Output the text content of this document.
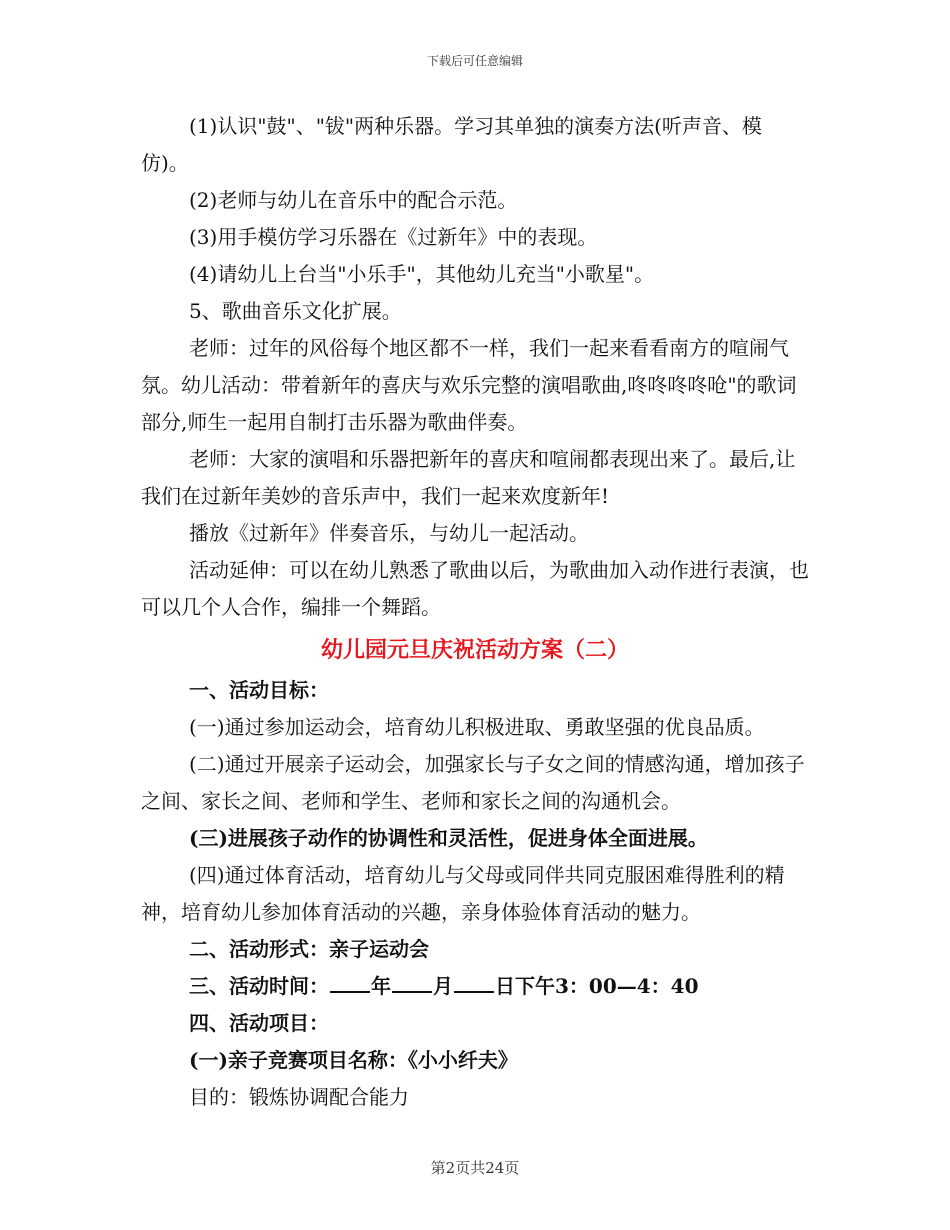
下载后可任意编辑

(1)认识"鼓"、"钹"两种乐器。学习其单独的演奏方法(听声音、模仿)。

(2)老师与幼儿在音乐中的配合示范。

(3)用手模仿学习乐器在《过新年》中的表现。

(4)请幼儿上台当"小乐手"，其他幼儿充当"小歌星"。

5、歌曲音乐文化扩展。

老师：过年的风俗每个地区都不一样，我们一起来看看南方的喧闹气氛。幼儿活动：带着新年的喜庆与欢乐完整的演唱歌曲,咚咚咚咚呛"的歌词部分,师生一起用自制打击乐器为歌曲伴奏。

老师：大家的演唱和乐器把新年的喜庆和喧闹都表现出来了。最后,让我们在过新年美妙的音乐声中，我们一起来欢度新年!

播放《过新年》伴奏音乐，与幼儿一起活动。

活动延伸：可以在幼儿熟悉了歌曲以后，为歌曲加入动作进行表演，也可以几个人合作，编排一个舞蹈。

幼儿园元旦庆祝活动方案（二）

一、活动目标：

(一)通过参加运动会，培育幼儿积极进取、勇敢坚强的优良品质。

(二)通过开展亲子运动会，加强家长与子女之间的情感沟通，增加孩子之间、家长之间、老师和学生、老师和家长之间的沟通机会。

(三)进展孩子动作的协调性和灵活性，促进身体全面进展。

(四)通过体育活动，培育幼儿与父母或同伴共同克服困难得胜利的精神，培育幼儿参加体育活动的兴趣，亲身体验体育活动的魅力。

二、活动形式：亲子运动会

三、活动时间： 年 月 日下午3：00—4：40

四、活动项目：

(一)亲子竞赛项目名称：《小小纤夫》

目的：锻炼协调配合能力

第2页共24页
